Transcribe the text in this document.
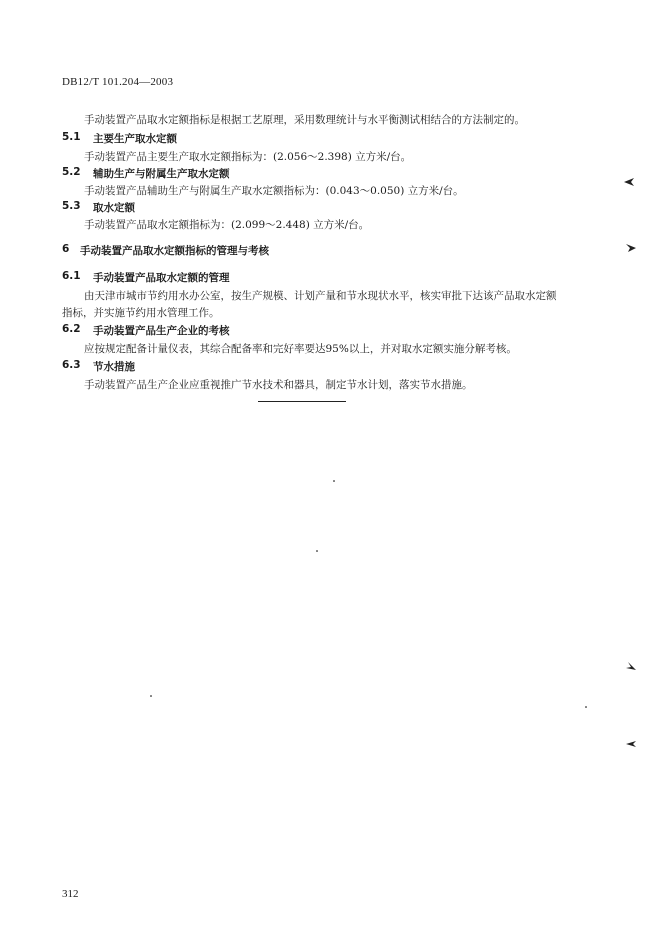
DB12/T 101.204—2003
手动装置产品取水定额指标是根据工艺原理，采用数理统计与水平衡测试相结合的方法制定的。
5.1 主要生产取水定额
手动装置产品主要生产取水定额指标为：(2.056～2.398) 立方米/台。
5.2 辅助生产与附属生产取水定额
手动装置产品辅助生产与附属生产取水定额指标为：(0.043～0.050) 立方米/台。
5.3 取水定额
手动装置产品取水定额指标为：(2.099～2.448) 立方米/台。
6 手动装置产品取水定额指标的管理与考核
6.1 手动装置产品取水定额的管理
由天津市城市节约用水办公室，按生产规模、计划产量和节水现状水平，核实审批下达该产品取水定额
指标，并实施节约用水管理工作。
6.2 手动装置产品生产企业的考核
应按规定配备计量仪表，其综合配备率和完好率要达95%以上，并对取水定额实施分解考核。
6.3 节水措施
手动装置产品生产企业应重视推广节水技术和器具，制定节水计划，落实节水措施。
312
